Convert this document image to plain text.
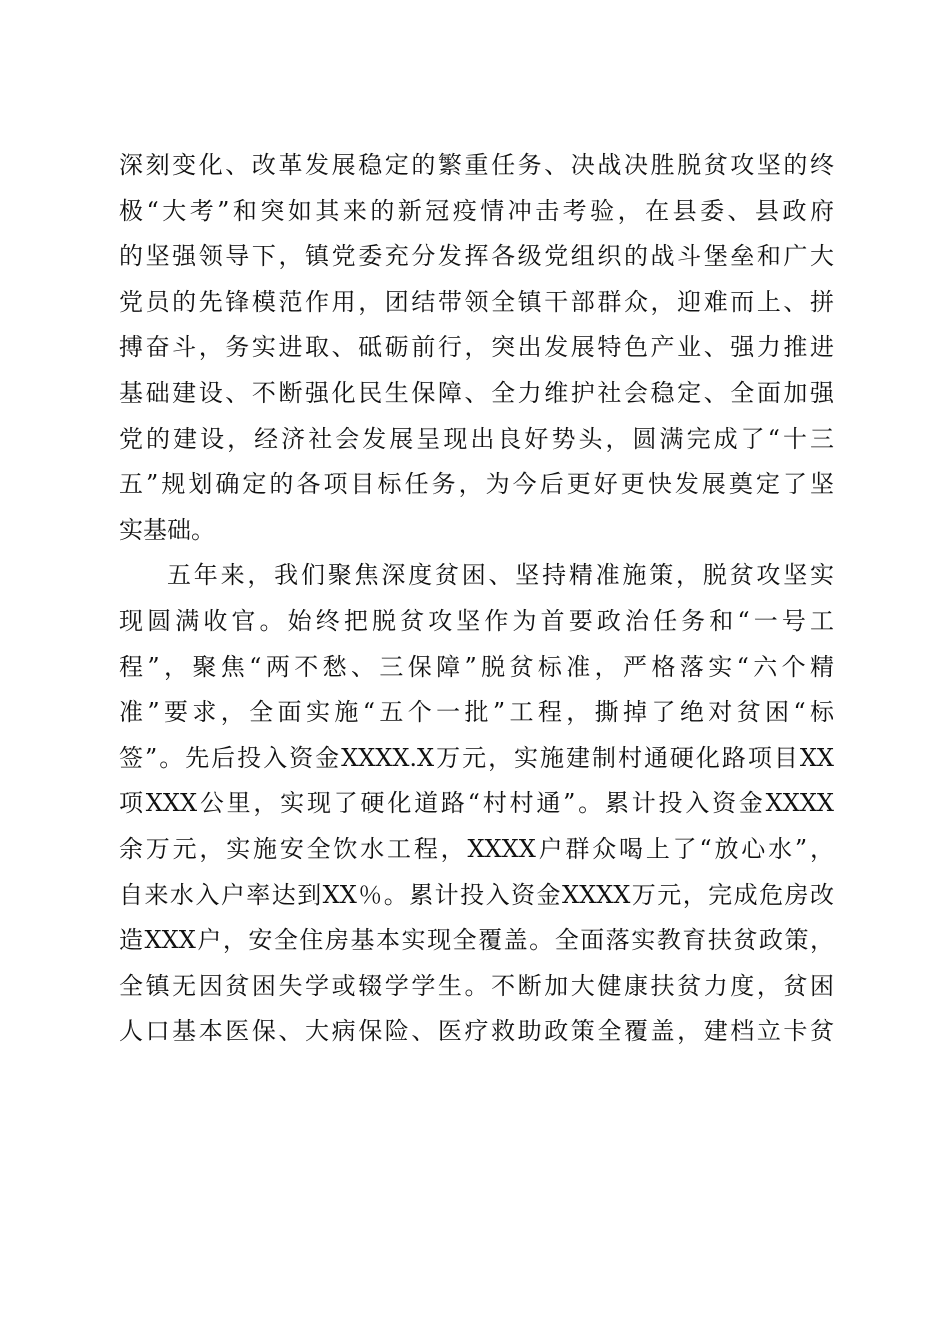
深刻变化、改革发展稳定的繁重任务、决战决胜脱贫攻坚的终
极“大考”和突如其来的新冠疫情冲击考验，在县委、县政府
的坚强领导下，镇党委充分发挥各级党组织的战斗堡垒和广大
党员的先锋模范作用，团结带领全镇干部群众，迎难而上、拼
搏奋斗，务实进取、砥砺前行，突出发展特色产业、强力推进
基础建设、不断强化民生保障、全力维护社会稳定、全面加强
党的建设，经济社会发展呈现出良好势头，圆满完成了“十三
五”规划确定的各项目标任务，为今后更好更快发展奠定了坚
实基础。
五年来，我们聚焦深度贫困、坚持精准施策，脱贫攻坚实
现圆满收官。始终把脱贫攻坚作为首要政治任务和“一号工
程”，聚焦“两不愁、三保障”脱贫标准，严格落实“六个精
准”要求，全面实施“五个一批”工程，撕掉了绝对贫困“标
签”。先后投入资金XXXX.X万元，实施建制村通硬化路项目XX
项XXX公里，实现了硬化道路“村村通”。累计投入资金XXXX
余万元，实施安全饮水工程，XXXX户群众喝上了“放心水”，
自来水入户率达到XX％。累计投入资金XXXX万元，完成危房改
造XXX户，安全住房基本实现全覆盖。全面落实教育扶贫政策，
全镇无因贫困失学或辍学学生。不断加大健康扶贫力度，贫困
人口基本医保、大病保险、医疗救助政策全覆盖，建档立卡贫
